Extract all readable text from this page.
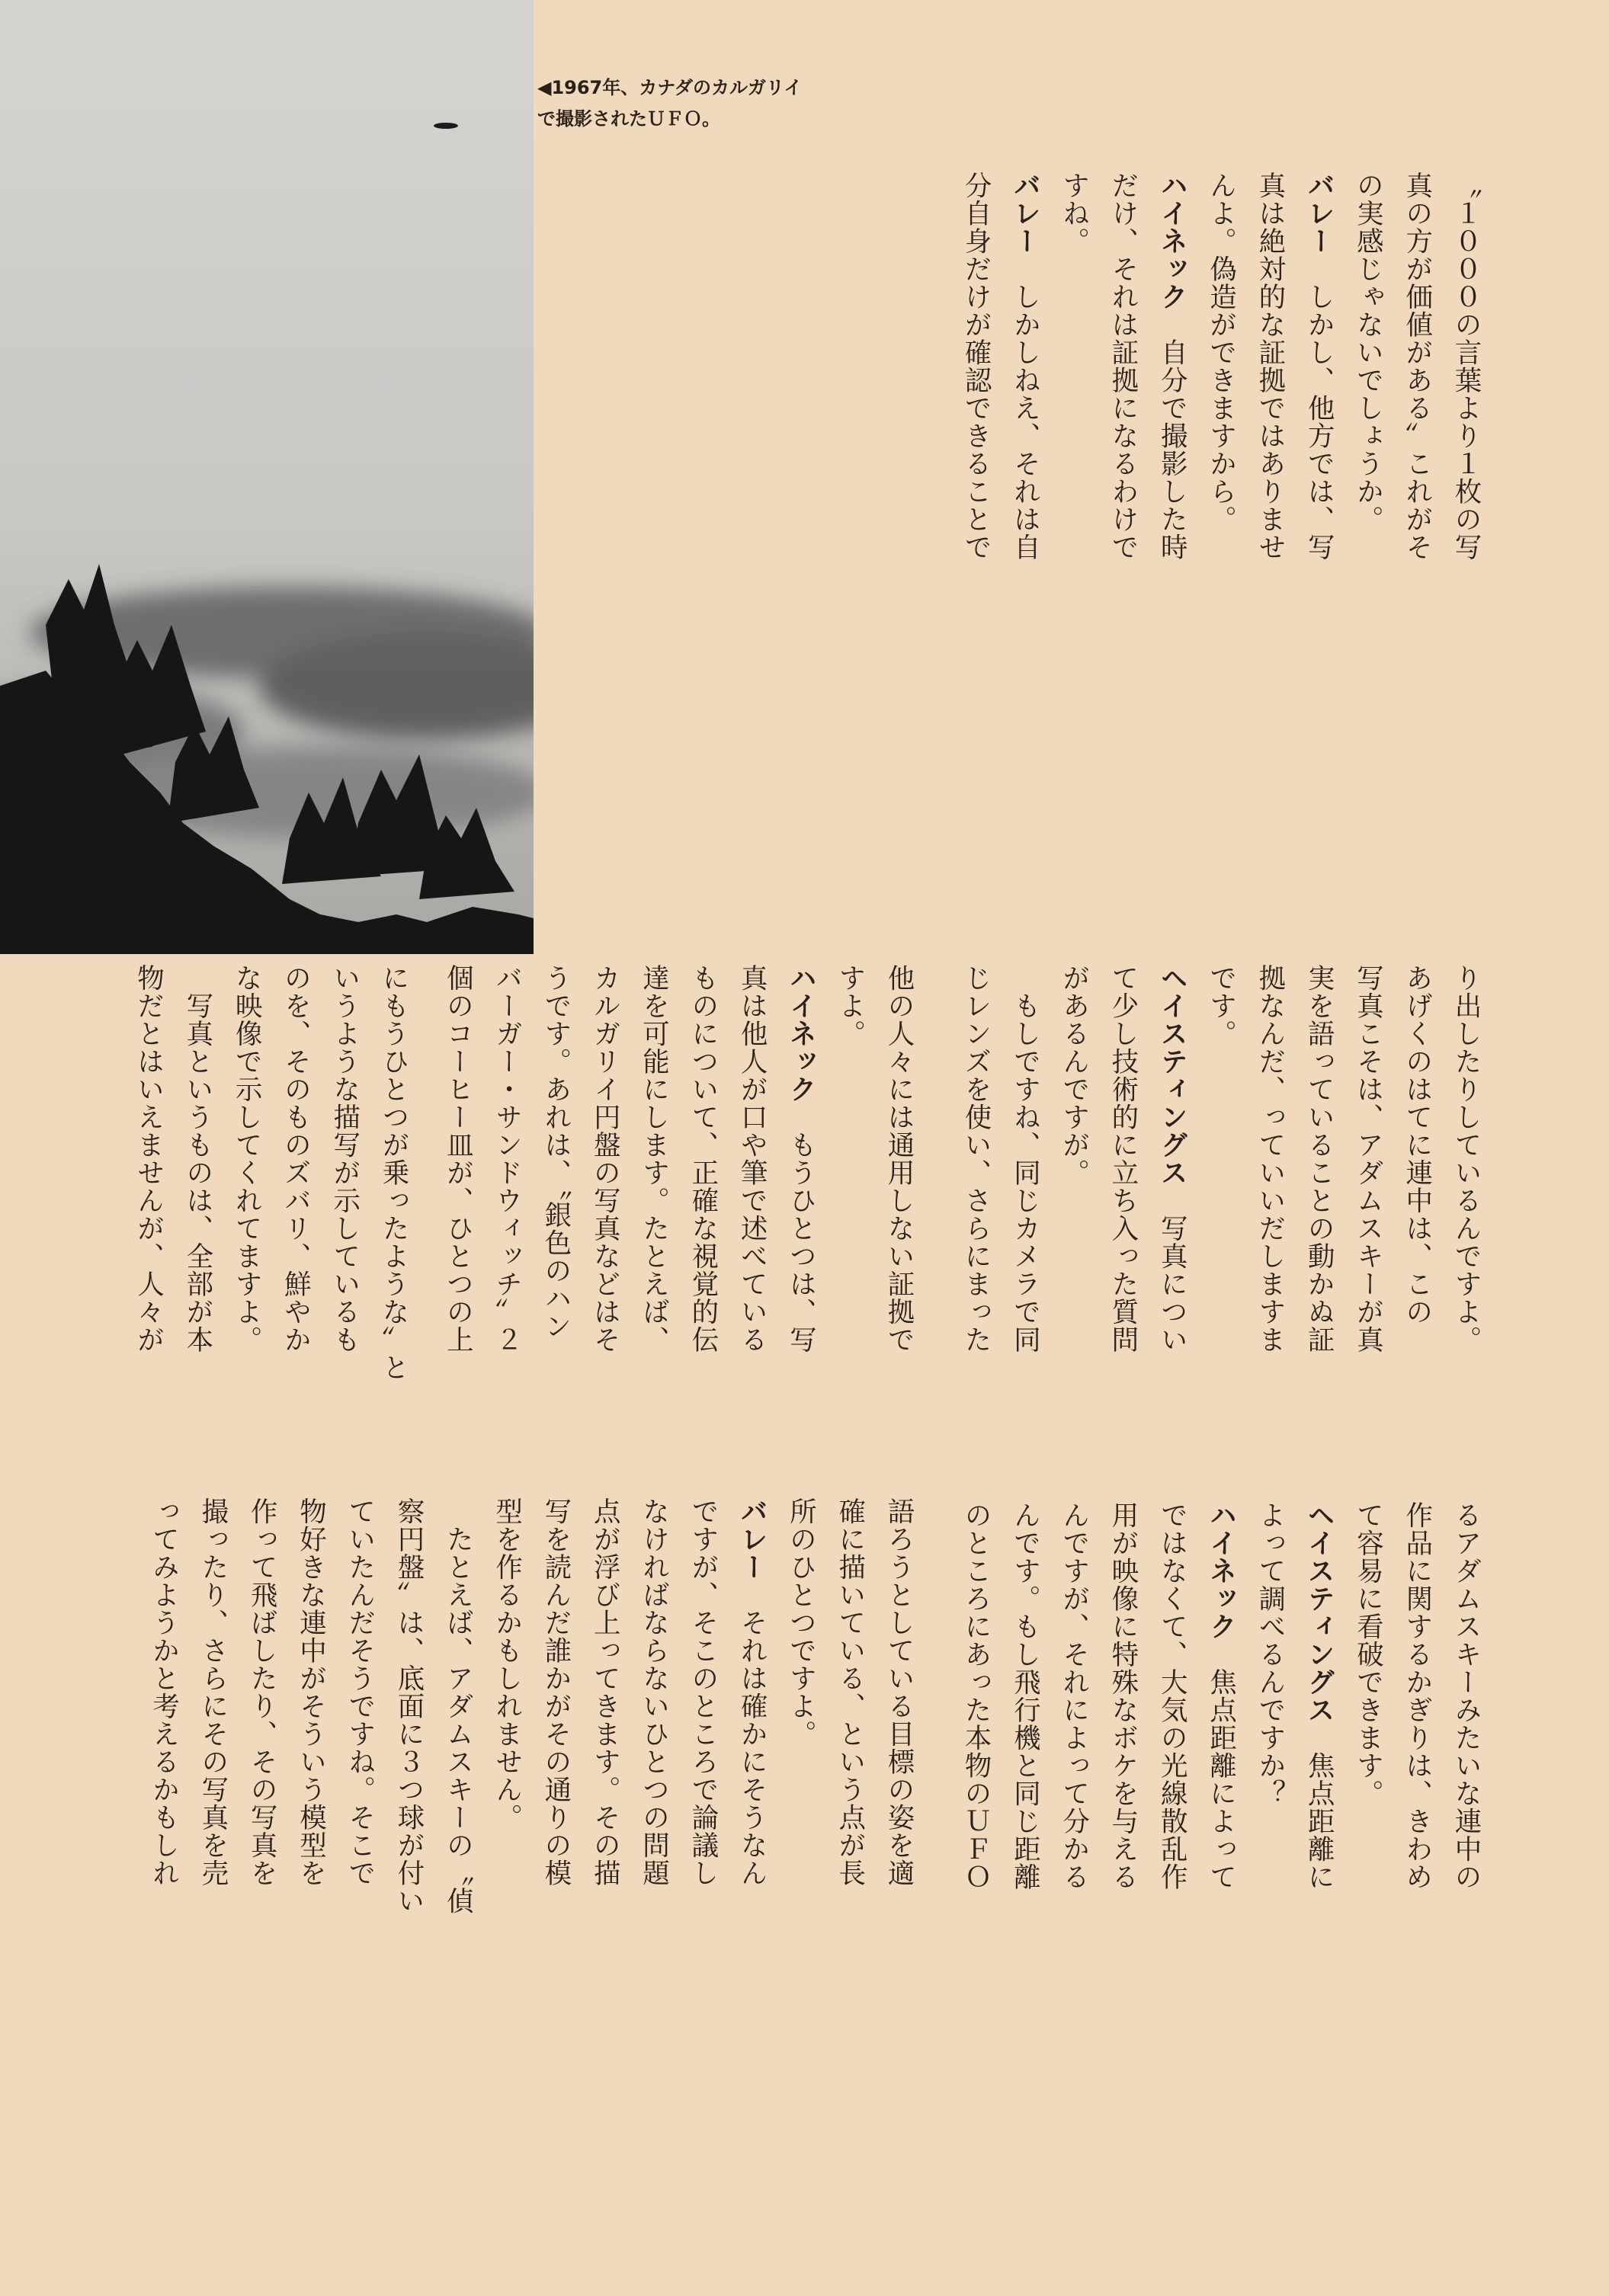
◀1967年、カナダのカルガリイ
で撮影されたＵＦＯ。
〝１０００の言葉より１枚の写
真の方が価値がある〟これがそ
の実感じゃないでしょうか。
バレー　しかし、他方では、写
真は絶対的な証拠ではありませ
んよ。偽造ができますから。
ハイネック　自分で撮影した時
だけ、それは証拠になるわけで
すね。
バレー　しかしねえ、それは自
分自身だけが確認できることで
り出したりしているんですよ。
あげくのはてに連中は、この
写真こそは、アダムスキーが真
実を語っていることの動かぬ証
拠なんだ、っていいだしますま
です。
ヘイスティングス　写真につい
て少し技術的に立ち入った質問
があるんですが。
　もしですね、同じカメラで同
じレンズを使い、さらにまった
るアダムスキーみたいな連中の
作品に関するかぎりは、きわめ
て容易に看破できます。
ヘイスティングス　焦点距離に
よって調べるんですか？
ハイネック　焦点距離によって
ではなくて、大気の光線散乱作
用が映像に特殊なボケを与える
んですが、それによって分かる
んです。もし飛行機と同じ距離
のところにあった本物のＵＦＯ
他の人々には通用しない証拠で
すよ。
ハイネック　もうひとつは、写
真は他人が口や筆で述べている
ものについて、正確な視覚的伝
達を可能にします。たとえば、
カルガリイ円盤の写真などはそ
うです。あれは、〝銀色のハン
バーガー・サンドウィッチ〟２
個のコーヒー皿が、ひとつの上
にもうひとつが乗ったような〟と
いうような描写が示しているも
のを、そのものズバリ、鮮やか
な映像で示してくれてますよ。
　写真というものは、全部が本
物だとはいえませんが、人々が
語ろうとしている目標の姿を適
確に描いている、という点が長
所のひとつですよ。
バレー　それは確かにそうなん
ですが、そこのところで論議し
なければならないひとつの問題
点が浮び上ってきます。その描
写を読んだ誰かがその通りの模
型を作るかもしれません。
　たとえば、アダムスキーの〝偵
察円盤〟は、底面に３つ球が付い
ていたんだそうですね。そこで
物好きな連中がそういう模型を
作って飛ばしたり、その写真を
撮ったり、さらにその写真を売
ってみようかと考えるかもしれ
